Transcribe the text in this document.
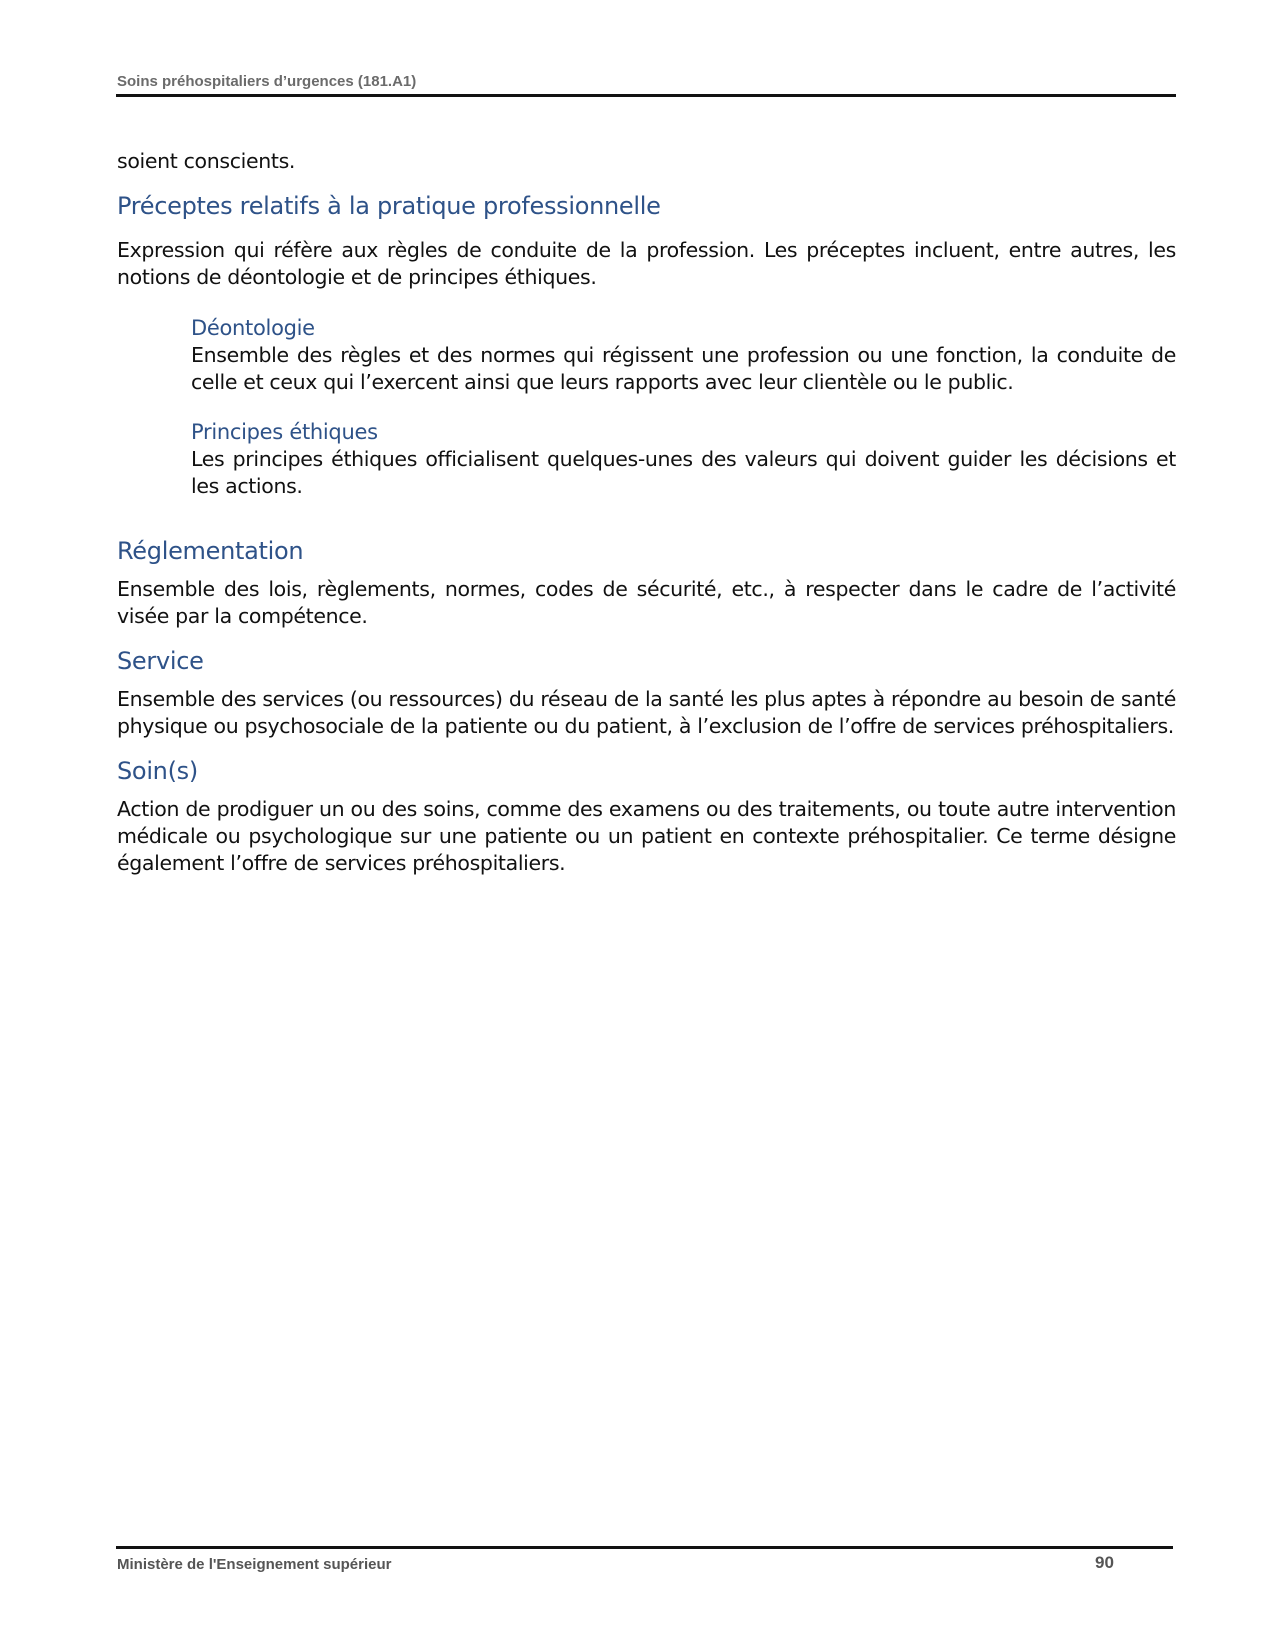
Soins préhospitaliers d’urgences (181.A1)

soient conscients.

Préceptes relatifs à la pratique professionnelle

Expression qui réfère aux règles de conduite de la profession. Les préceptes incluent, entre autres, les notions de déontologie et de principes éthiques.

Déontologie

Ensemble des règles et des normes qui régissent une profession ou une fonction, la conduite de celle et ceux qui l’exercent ainsi que leurs rapports avec leur clientèle ou le public.

Principes éthiques

Les principes éthiques officialisent quelques-unes des valeurs qui doivent guider les décisions et les actions.

Réglementation

Ensemble des lois, règlements, normes, codes de sécurité, etc., à respecter dans le cadre de l’activité visée par la compétence.

Service

Ensemble des services (ou ressources) du réseau de la santé les plus aptes à répondre au besoin de santé physique ou psychosociale de la patiente ou du patient, à l’exclusion de l’offre de services préhospitaliers.

Soin(s)

Action de prodiguer un ou des soins, comme des examens ou des traitements, ou toute autre intervention médicale ou psychologique sur une patiente ou un patient en contexte préhospitalier. Ce terme désigne également l’offre de services préhospitaliers.

Ministère de l'Enseignement supérieur	90
